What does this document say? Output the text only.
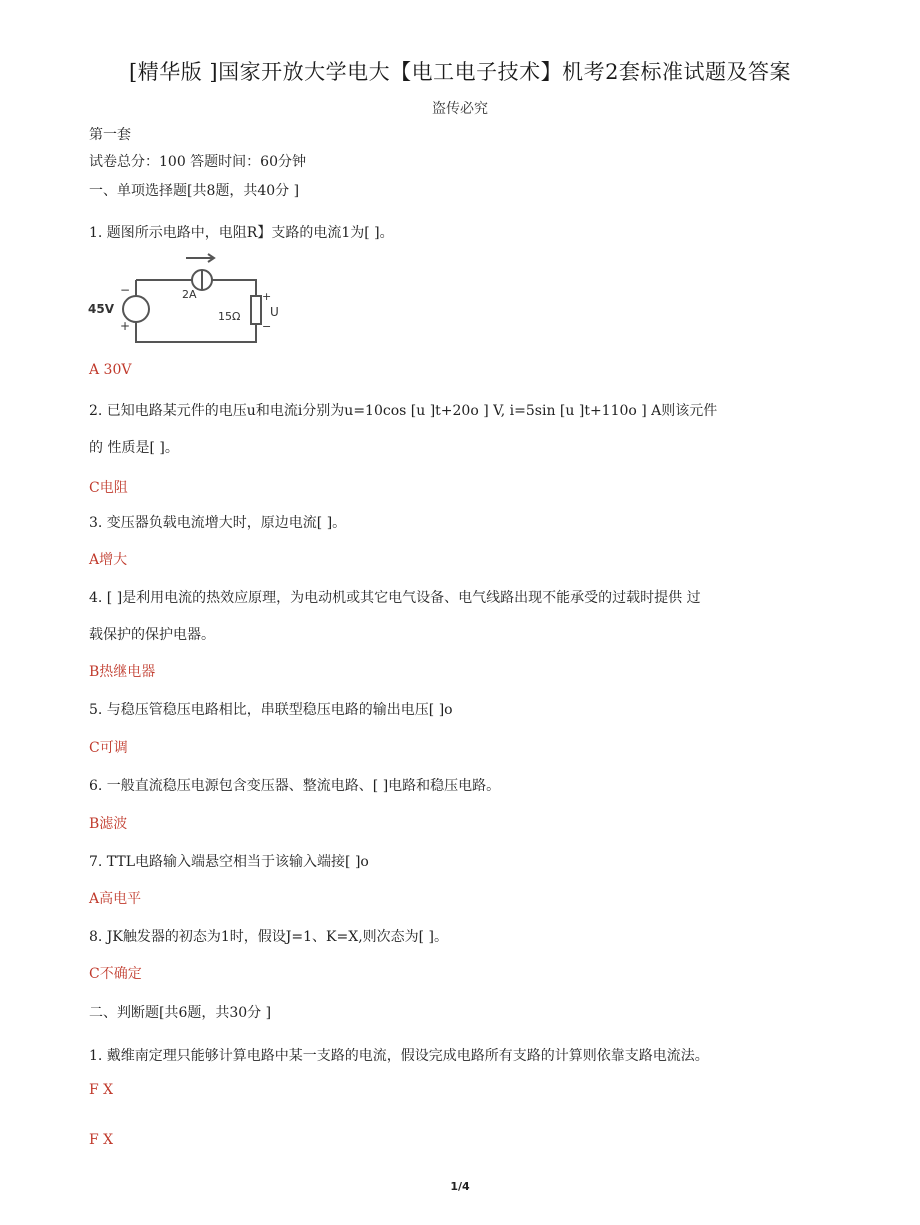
[精华版 ]国家开放大学电大【电工电子技术】机考2套标准试题及答案
盗传必究
第一套
试卷总分：100 答题时间：60分钟
一、单项选择题[共8题，共40分 ]
1. 题图所示电路中，电阻R】支路的电流1为[ ]。
45V
−
+
2A
15Ω
+
−
U
A 30V
2. 已知电路某元件的电压u和电流i分别为u=10cos [u ]t+20o ] V, i=5sin [u ]t+110o ] A则该元件
的 性质是[ ]。
C电阻
3. 变压器负载电流增大时，原边电流[ ]。
A增大
4. [ ]是利用电流的热效应原理，为电动机或其它电气设备、电气线路出现不能承受的过载时提供 过
载保护的保护电器。
B热继电器
5. 与稳压管稳压电路相比，串联型稳压电路的输出电压[ ]o
C可调
6. 一般直流稳压电源包含变压器、整流电路、[ ]电路和稳压电路。
B滤波
7. TTL电路输入端悬空相当于该输入端接[ ]o
A高电平
8. JK触发器的初态为1时，假设J=1、K=X,则次态为[ ]。
C不确定
二、判断题[共6题，共30分 ]
1. 戴维南定理只能够计算电路中某一支路的电流，假设完成电路所有支路的计算则依靠支路电流法。
F X
F X
1/4
